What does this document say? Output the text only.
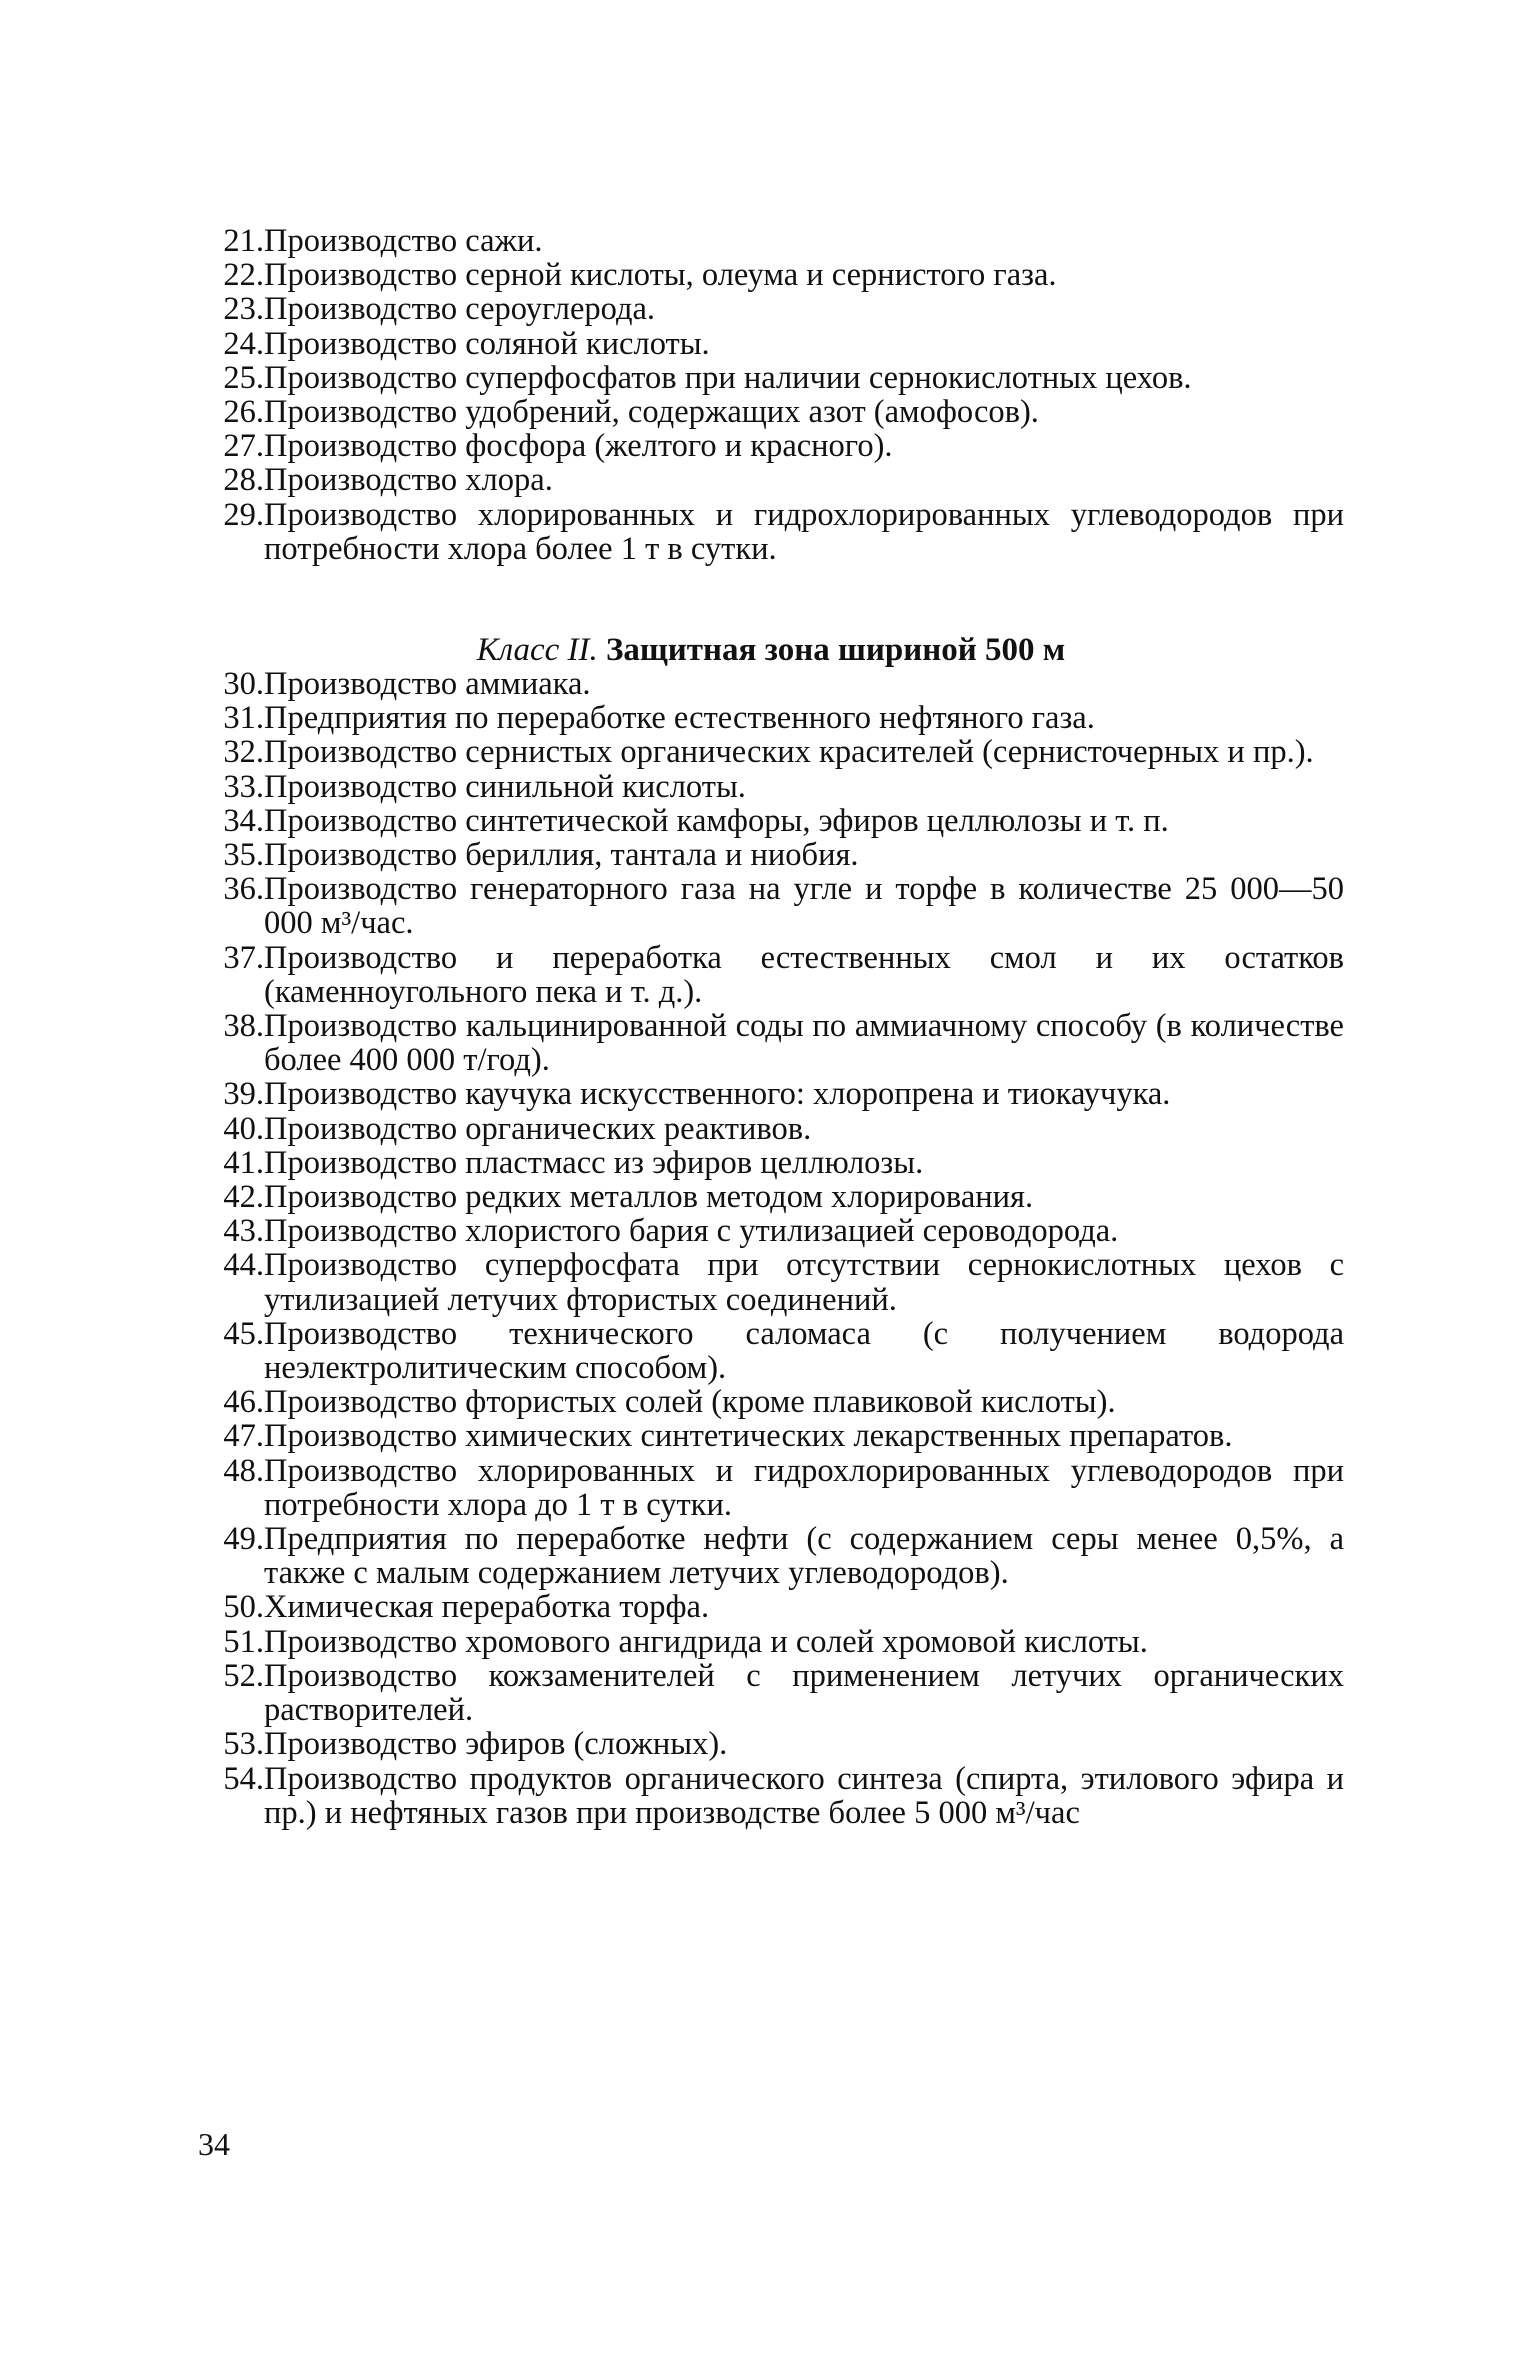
21. Производство сажи.
22. Производство серной кислоты, олеума и сернистого газа.
23. Производство сероуглерода.
24. Производство соляной кислоты.
25. Производство суперфосфатов при наличии сернокислотных цехов.
26. Производство удобрений, содержащих азот (амофосов).
27. Производство фосфора (желтого и красного).
28. Производство хлора.
29. Производство хлорированных и гидрохлорированных углеводородов при потребности хлора более 1 т в сутки.
Класс II. Защитная зона шириной 500 м
30. Производство аммиака.
31. Предприятия по переработке естественного нефтяного газа.
32. Производство сернистых органических красителей (сернисточерных и пр.).
33. Производство синильной кислоты.
34. Производство синтетической камфоры, эфиров целлюлозы и т. п.
35. Производство бериллия, тантала и ниобия.
36. Производство генераторного газа на угле и торфе в количестве 25 000—50 000 м³/час.
37. Производство и переработка естественных смол и их остатков (каменноугольного пека и т. д.).
38. Производство кальцинированной соды по аммиачному способу (в количестве более 400 000 т/год).
39. Производство каучука искусственного: хлоропрена и тиокаучука.
40. Производство органических реактивов.
41. Производство пластмасс из эфиров целлюлозы.
42. Производство редких металлов методом хлорирования.
43. Производство хлористого бария с утилизацией сероводорода.
44. Производство суперфосфата при отсутствии сернокислотных цехов с утилизацией летучих фтористых соединений.
45. Производство технического саломаса (с получением водорода неэлектролитическим способом).
46. Производство фтористых солей (кроме плавиковой кислоты).
47. Производство химических синтетических лекарственных препаратов.
48. Производство хлорированных и гидрохлорированных углеводородов при потребности хлора до 1 т в сутки.
49. Предприятия по переработке нефти (с содержанием серы менее 0,5%, а также с малым содержанием летучих углеводородов).
50. Химическая переработка торфа.
51. Производство хромового ангидрида и солей хромовой кислоты.
52. Производство кожзаменителей с применением летучих органических растворителей.
53. Производство эфиров (сложных).
54. Производство продуктов органического синтеза (спирта, этилового эфира и пр.) и нефтяных газов при производстве более 5 000 м³/час
34
